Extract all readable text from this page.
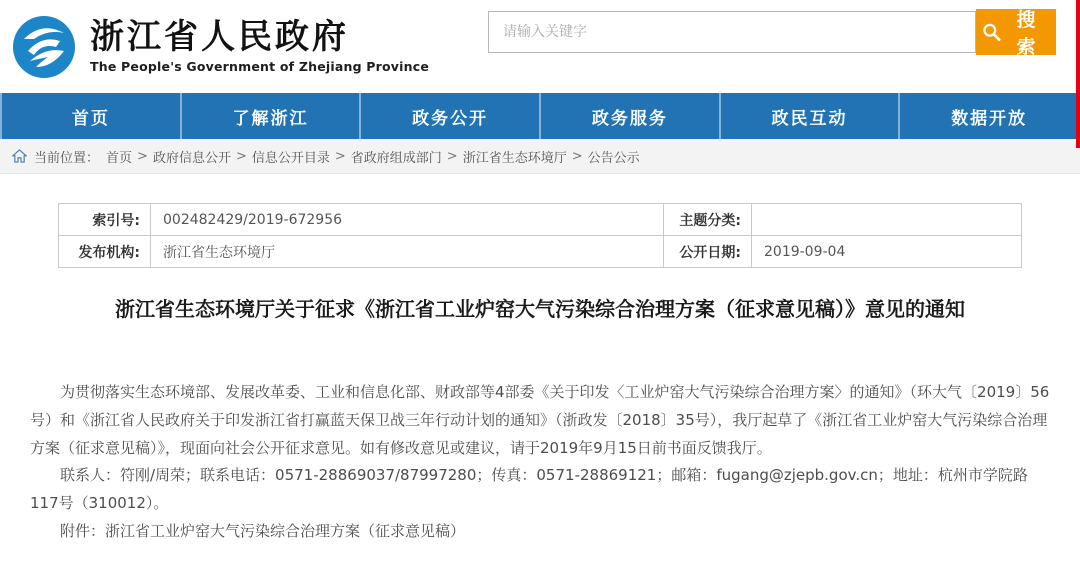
浙江省人民政府
The People's Government of Zhejiang Province
请输入关键字
搜索
首页	了解浙江	政务公开	政务服务	政民互动	数据开放
当前位置： 首页 > 政府信息公开 > 信息公开目录 > 省政府组成部门 > 浙江省生态环境厅 > 公告公示
索引号:	002482429/2019-672956	主题分类:
发布机构:	浙江省生态环境厅	公开日期:	2019-09-04
浙江省生态环境厅关于征求《浙江省工业炉窑大气污染综合治理方案（征求意见稿）》意见的通知

为贯彻落实生态环境部、发展改革委、工业和信息化部、财政部等4部委《关于印发〈工业炉窑大气污染综合治理方案〉的通知》（环大气〔2019〕56号）和《浙江省人民政府关于印发浙江省打赢蓝天保卫战三年行动计划的通知》（浙政发〔2018〕35号），我厅起草了《浙江省工业炉窑大气污染综合治理方案（征求意见稿）》，现面向社会公开征求意见。如有修改意见或建议，请于2019年9月15日前书面反馈我厅。

联系人：符刚/周荣；联系电话：0571-28869037/87997280；传真：0571-28869121；邮箱：fugang@zjepb.gov.cn；地址：杭州市学院路117号（310012）。

附件：浙江省工业炉窑大气污染综合治理方案（征求意见稿）
